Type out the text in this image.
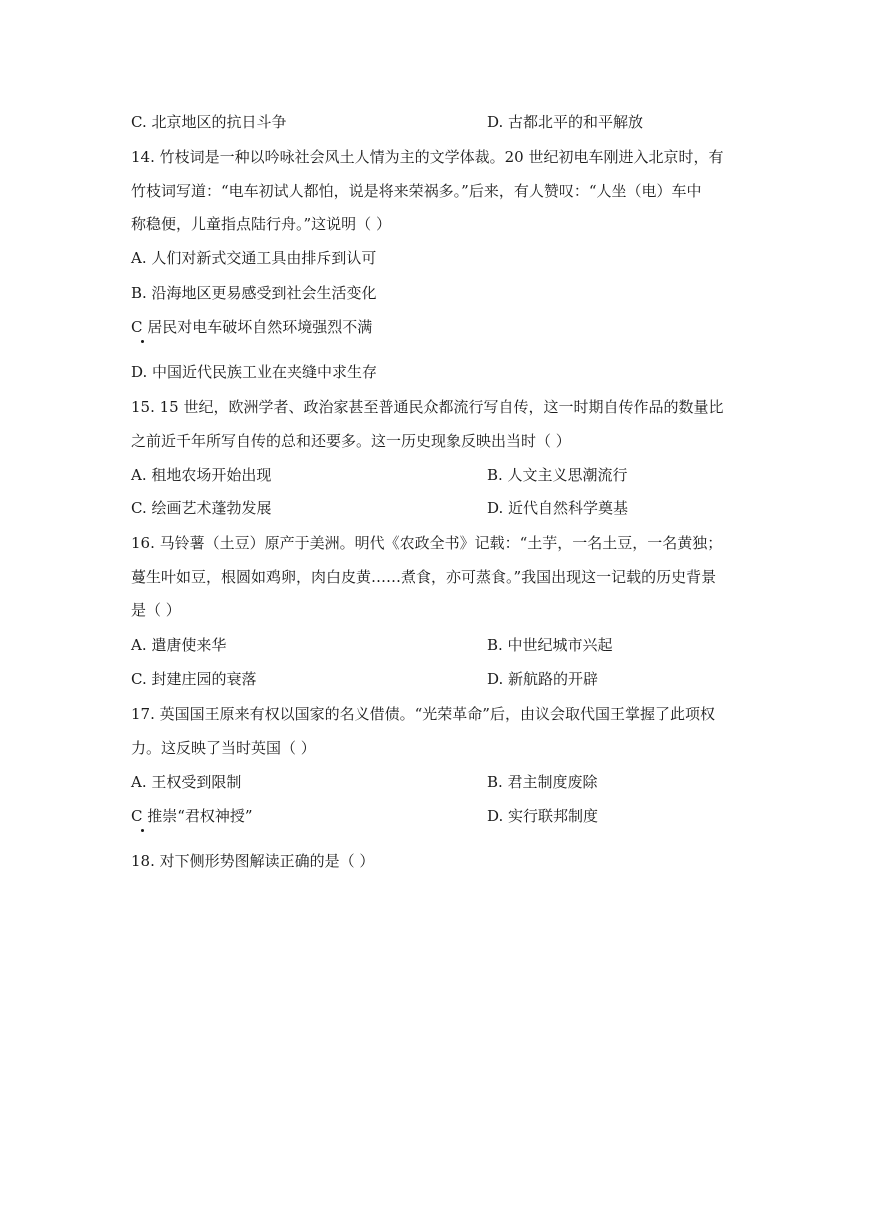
C. 北京地区的抗日斗争	D. 古都北平的和平解放
14. 竹枝词是一种以吟咏社会风土人情为主的文学体裁。20 世纪初电车刚进入北京时，有
竹枝词写道：“电车初试人都怕，说是将来荣祸多。”后来，有人赞叹：“人坐（电）车中
称稳便，儿童指点陆行舟。”这说明（ ）
A. 人们对新式交通工具由排斥到认可
B. 沿海地区更易感受到社会生活变化
C 居民对电车破坏自然环境强烈不满
D. 中国近代民族工业在夹缝中求生存
15. 15 世纪，欧洲学者、政治家甚至普通民众都流行写自传，这一时期自传作品的数量比
之前近千年所写自传的总和还要多。这一历史现象反映出当时（ ）
A. 租地农场开始出现	B. 人文主义思潮流行
C. 绘画艺术蓬勃发展	D. 近代自然科学奠基
16. 马铃薯（土豆）原产于美洲。明代《农政全书》记载：“土芋，一名土豆，一名黄独；
蔓生叶如豆，根圆如鸡卵，肉白皮黄……煮食，亦可蒸食。”我国出现这一记载的历史背景
是（ ）
A. 遣唐使来华	B. 中世纪城市兴起
C. 封建庄园的衰落	D. 新航路的开辟
17. 英国国王原来有权以国家的名义借债。“光荣革命”后，由议会取代国王掌握了此项权
力。这反映了当时英国（ ）
A. 王权受到限制	B. 君主制度废除
C 推崇“君权神授”	D. 实行联邦制度
18. 对下侧形势图解读正确的是（ ）
